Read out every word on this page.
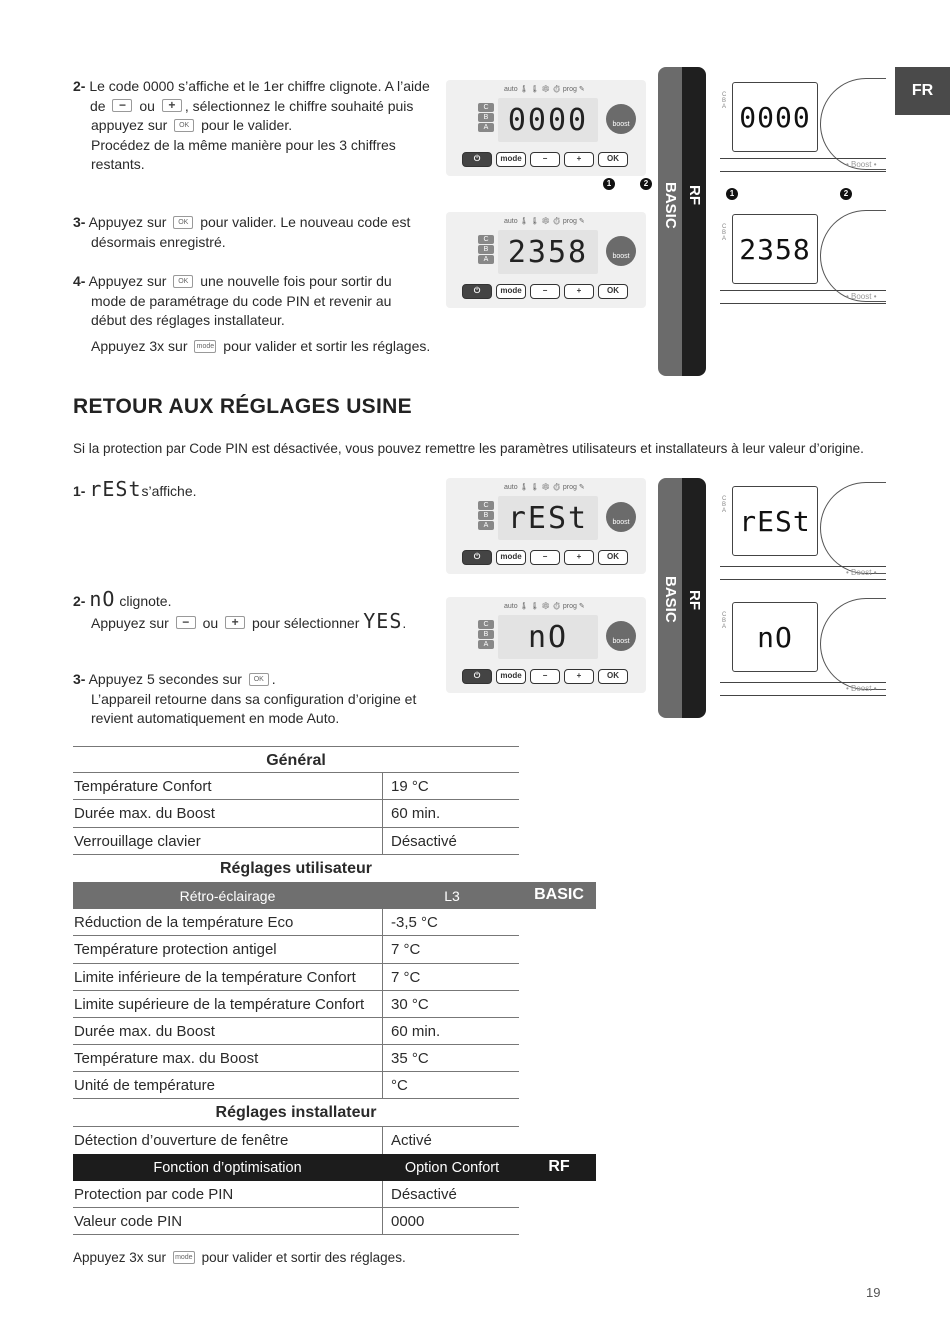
FR
2- Le code 0000 s’affiche et le 1er chiffre clignote. A l’aide
de − ou + , sélectionnez le chiffre souhaité puis
appuyez sur OK pour le valider.
Procédez de la même manière pour les 3 chiffres
restants.
3- Appuyez sur OK pour valider. Le nouveau code est
désormais enregistré.
4- Appuyez sur OK une nouvelle fois pour sortir du
mode de paramétrage du code PIN et revenir au
début des réglages installateur.
Appuyez 3x sur mode pour valider et sortir les réglages.
auto 🌡 🌡 ❄ ⏱ prog ✎
C
B
A 0000	boost
⏻	mode	−	+	OK
1	2
auto 🌡 🌡 ❄ ⏱ prog ✎
C
B
A 2358	boost
⏻	mode	−	+	OK
BASIC RF
C
B
A 0000
• Boost •
1	2
C
B
A 2358
• Boost •
RETOUR AUX RÉGLAGES USINE
Si la protection par Code PIN est désactivée, vous pouvez remettre les paramètres utilisateurs et installateurs à leur valeur d’origine.
1- rESts’affiche.
2- nO clignote.
Appuyez sur − ou + pour sélectionner YES.
3- Appuyez 5 secondes sur OK .
L’appareil retourne dans sa configuration d’origine et
revient automatiquement en mode Auto.
auto 🌡 🌡 ❄ ⏱ prog ✎
C
B
A rESt	boost
⏻	mode	−	+	OK
auto 🌡 🌡 ❄ ⏱ prog ✎
C
B
A nO	boost
⏻	mode	−	+	OK
BASIC RF
C
B
A rESt
• Boost •
C
B
A nO
• Boost •
Général
Température Confort	19 °C
Durée max. du Boost	60 min.
Verrouillage clavier	Désactivé
Réglages utilisateur
Rétro-éclairage	L3	BASIC
Réduction de la température Eco	-3,5 °C
Température protection antigel	7 °C
Limite inférieure de la température Confort 7 °C
Limite supérieure de la température Confort 30 °C
Durée max. du Boost	60 min.
Température max. du Boost	35 °C
Unité de température	°C
Réglages installateur
Détection d’ouverture de fenêtre	Activé
Fonction d’optimisation	Option Confort	RF
Protection par code PIN	Désactivé
Valeur code PIN	0000
Appuyez 3x sur mode pour valider et sortir des réglages.
19
